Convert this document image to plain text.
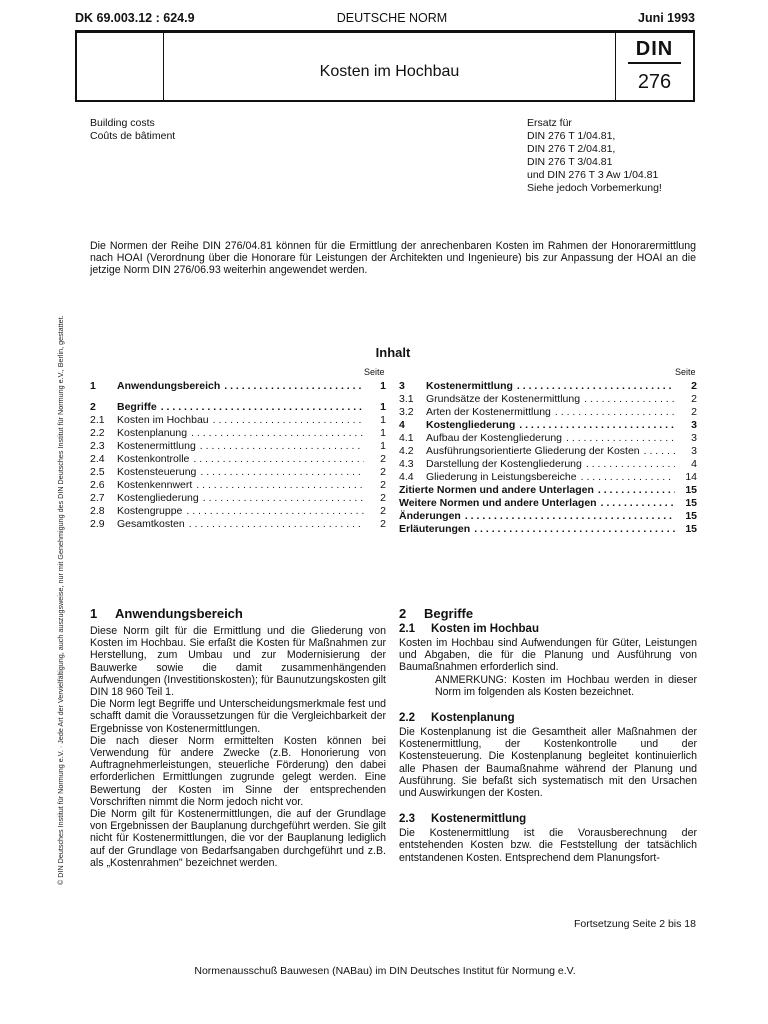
DK 69.003.12 : 624.9	DEUTSCHE NORM	Juni 1993
Kosten im Hochbau
DIN
276
Building costs
Coûts de bâtiment
Ersatz für
DIN 276 T 1/04.81,
DIN 276 T 2/04.81,
DIN 276 T 3/04.81
und DIN 276 T 3 Aw 1/04.81
Siehe jedoch Vorbemerkung!
Die Normen der Reihe DIN 276/04.81 können für die Ermittlung der anrechenbaren Kosten im Rahmen der Honorarermittlung nach HOAI (Verordnung über die Honorare für Leistungen der Architekten und Ingenieure) bis zur Anpassung der HOAI an die jetzige Norm DIN 276/06.93 weiterhin angewendet werden.
Inhalt
Seite	Seite
1	Anwendungsbereich . . .	1
2	Begriffe . . .	1
2.1	Kosten im Hochbau . . .	1
2.2	Kostenplanung . . .	1
2.3	Kostenermittlung . . .	1
2.4	Kostenkontrolle . . .	2
2.5	Kostensteuerung . . .	2
2.6	Kostenkennwert . . .	2
2.7	Kostengliederung . . .	2
2.8	Kostengruppe . . .	2
2.9	Gesamtkosten . . .	2
3	Kostenermittlung . . .	2
3.1	Grundsätze der Kostenermittlung . . .	2
3.2	Arten der Kostenermittlung . . .	2
4	Kostengliederung . . .	3
4.1	Aufbau der Kostengliederung . . .	3
4.2	Ausführungsorientierte Gliederung der Kosten . . .	3
4.3	Darstellung der Kostengliederung . . .	4
4.4	Gliederung in Leistungsbereiche . . .	14
Zitierte Normen und andere Unterlagen . . .	15
Weitere Normen und andere Unterlagen . . .	15
Änderungen . . .	15
Erläuterungen . . .	15
1 Anwendungsbereich
Diese Norm gilt für die Ermittlung und die Gliederung von Kosten im Hochbau. Sie erfaßt die Kosten für Maßnahmen zur Herstellung, zum Umbau und zur Modernisierung der Bauwerke sowie die damit zusammenhängenden Aufwendungen (Investitionskosten); für Baunutzungskosten gilt DIN 18 960 Teil 1.
Die Norm legt Begriffe und Unterscheidungsmerkmale fest und schafft damit die Voraussetzungen für die Vergleichbarkeit der Ergebnisse von Kostenermittlungen.
Die nach dieser Norm ermittelten Kosten können bei Verwendung für andere Zwecke (z.B. Honorierung von Auftragnehmerleistungen, steuerliche Förderung) den dabei erforderlichen Ermittlungen zugrunde gelegt werden. Eine Bewertung der Kosten im Sinne der entsprechenden Vorschriften nimmt die Norm jedoch nicht vor.
Die Norm gilt für Kostenermittlungen, die auf der Grundlage von Ergebnissen der Bauplanung durchgeführt werden. Sie gilt nicht für Kostenermittlungen, die vor der Bauplanung lediglich auf der Grundlage von Bedarfsangaben durchgeführt und z.B. als „Kostenrahmen" bezeichnet werden.
2 Begriffe
2.1 Kosten im Hochbau
Kosten im Hochbau sind Aufwendungen für Güter, Leistungen und Abgaben, die für die Planung und Ausführung von Baumaßnahmen erforderlich sind.
ANMERKUNG: Kosten im Hochbau werden in dieser Norm im folgenden als Kosten bezeichnet.
2.2 Kostenplanung
Die Kostenplanung ist die Gesamtheit aller Maßnahmen der Kostenermittlung, der Kostenkontrolle und der Kostensteuerung. Die Kostenplanung begleitet kontinuierlich alle Phasen der Baumaßnahme während der Planung und Ausführung. Sie befaßt sich systematisch mit den Ursachen und Auswirkungen der Kosten.
2.3 Kostenermittlung
Die Kostenermittlung ist die Vorausberechnung der entstehenden Kosten bzw. die Feststellung der tatsächlich entstandenen Kosten. Entsprechend dem Planungsfort-
Fortsetzung Seite 2 bis 18
Normenausschuß Bauwesen (NABau) im DIN Deutsches Institut für Normung e.V.
© DIN Deutsches Institut für Normung e.V. · Jede Art der Vervielfältigung, auch auszugsweise, nur mit Genehmigung des DIN Deutsches Institut für Normung e.V., Berlin, gestattet.
